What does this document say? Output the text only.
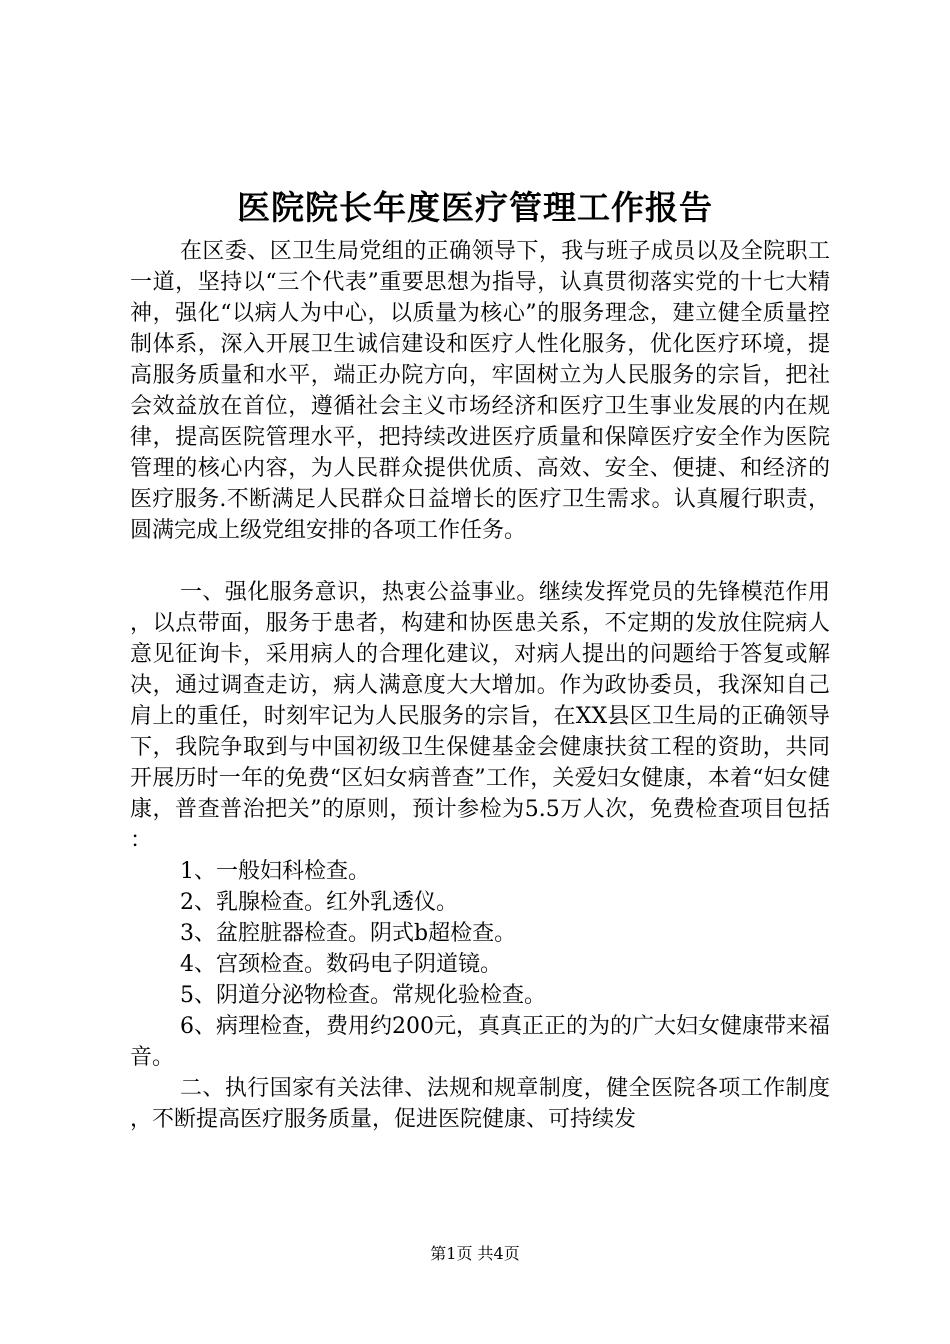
医院院长年度医疗管理工作报告

在区委、区卫生局党组的正确领导下，我与班子成员以及全院职工一道，坚持以“三个代表”重要思想为指导，认真贯彻落实党的十七大精神，强化“以病人为中心，以质量为核心”的服务理念，建立健全质量控制体系，深入开展卫生诚信建设和医疗人性化服务，优化医疗环境，提高服务质量和水平，端正办院方向，牢固树立为人民服务的宗旨，把社会效益放在首位，遵循社会主义市场经济和医疗卫生事业发展的内在规律，提高医院管理水平，把持续改进医疗质量和保障医疗安全作为医院管理的核心内容，为人民群众提供优质、高效、安全、便捷、和经济的医疗服务.不断满足人民群众日益增长的医疗卫生需求。认真履行职责，圆满完成上级党组安排的各项工作任务。

一、强化服务意识，热衷公益事业。继续发挥党员的先锋模范作用，以点带面，服务于患者，构建和协医患关系，不定期的发放住院病人意见征询卡，采用病人的合理化建议，对病人提出的问题给于答复或解决，通过调查走访，病人满意度大大增加。作为政协委员，我深知自己肩上的重任，时刻牢记为人民服务的宗旨，在XX县区卫生局的正确领导下，我院争取到与中国初级卫生保健基金会健康扶贫工程的资助，共同开展历时一年的免费“区妇女病普查”工作，关爱妇女健康，本着“妇女健康，普查普治把关”的原则，预计参检为5.5万人次，免费检查项目包括：

1、一般妇科检查。

2、乳腺检查。红外乳透仪。

3、盆腔脏器检查。阴式b超检查。

4、宫颈检查。数码电子阴道镜。

5、阴道分泌物检查。常规化验检查。

6、病理检查，费用约200元，真真正正的为的广大妇女健康带来福音。

二、执行国家有关法律、法规和规章制度，健全医院各项工作制度，不断提高医疗服务质量，促进医院健康、可持续发

第1页 共4页
